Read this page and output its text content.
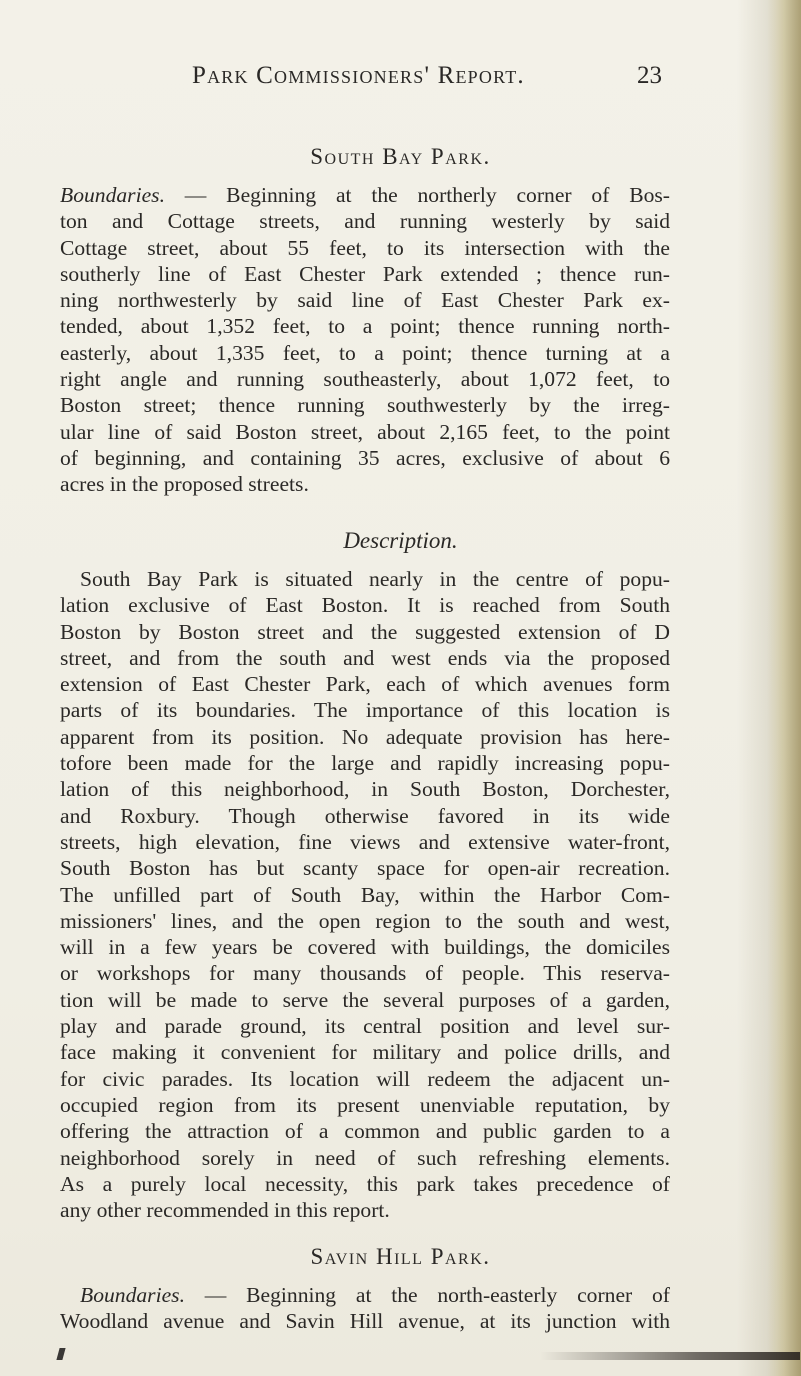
Park Commissioners' Report.	23
South Bay Park.
Boundaries. — Beginning at the northerly corner of Bos-
ton and Cottage streets, and running westerly by said
Cottage street, about 55 feet, to its intersection with the
southerly line of East Chester Park extended ; thence run-
ning northwesterly by said line of East Chester Park ex-
tended, about 1,352 feet, to a point; thence running north-
easterly, about 1,335 feet, to a point; thence turning at a
right angle and running southeasterly, about 1,072 feet, to
Boston street; thence running southwesterly by the irreg-
ular line of said Boston street, about 2,165 feet, to the point
of beginning, and containing 35 acres, exclusive of about 6
acres in the proposed streets.
Description.
South Bay Park is situated nearly in the centre of popu-
lation exclusive of East Boston. It is reached from South
Boston by Boston street and the suggested extension of D
street, and from the south and west ends via the proposed
extension of East Chester Park, each of which avenues form
parts of its boundaries. The importance of this location is
apparent from its position. No adequate provision has here-
tofore been made for the large and rapidly increasing popu-
lation of this neighborhood, in South Boston, Dorchester,
and Roxbury. Though otherwise favored in its wide
streets, high elevation, fine views and extensive water-front,
South Boston has but scanty space for open-air recreation.
The unfilled part of South Bay, within the Harbor Com-
missioners' lines, and the open region to the south and west,
will in a few years be covered with buildings, the domiciles
or workshops for many thousands of people. This reserva-
tion will be made to serve the several purposes of a garden,
play and parade ground, its central position and level sur-
face making it convenient for military and police drills, and
for civic parades. Its location will redeem the adjacent un-
occupied region from its present unenviable reputation, by
offering the attraction of a common and public garden to a
neighborhood sorely in need of such refreshing elements.
As a purely local necessity, this park takes precedence of
any other recommended in this report.
Savin Hill Park.
Boundaries. — Beginning at the north-easterly corner of
Woodland avenue and Savin Hill avenue, at its junction with
